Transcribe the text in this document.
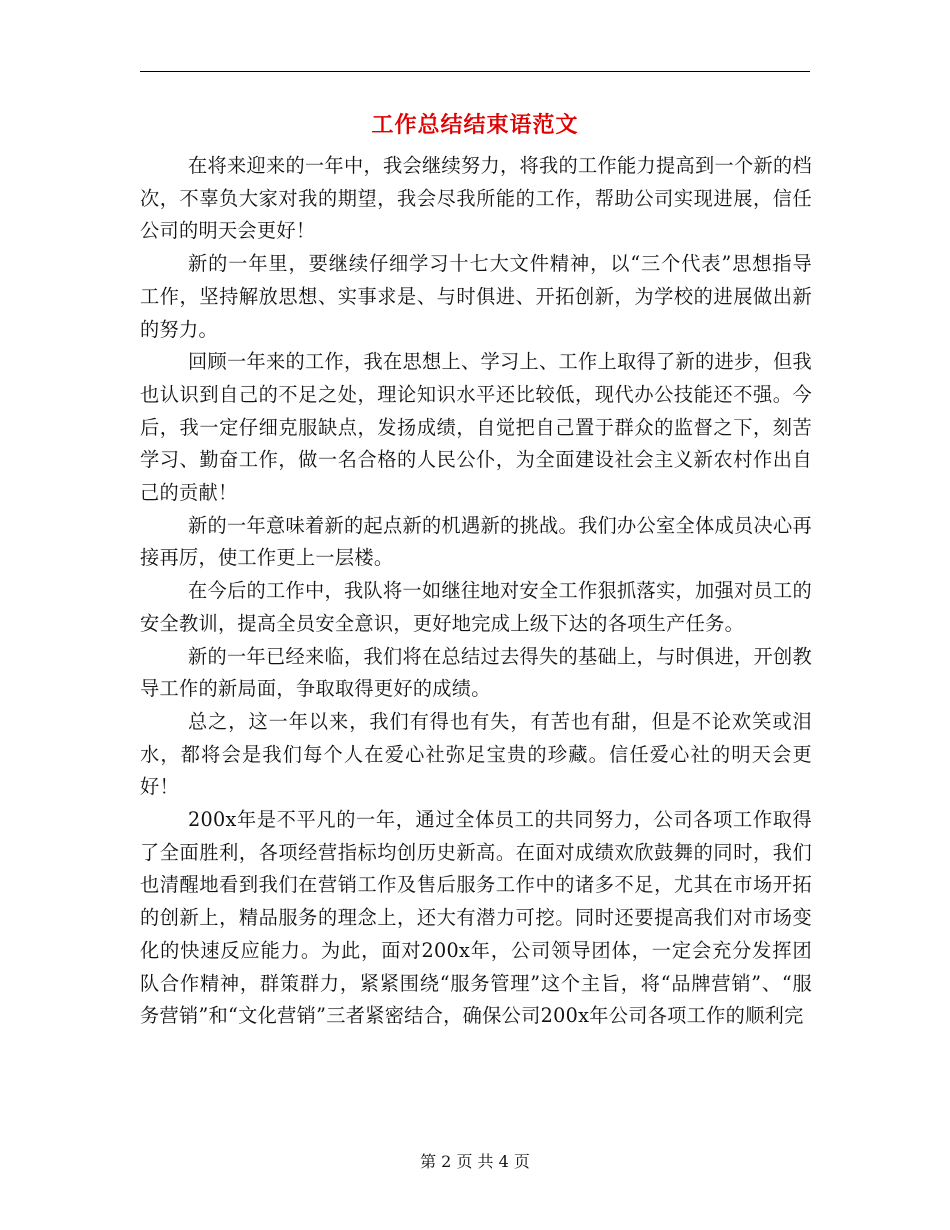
工作总结结束语范文

在将来迎来的一年中，我会继续努力，将我的工作能力提高到一个新的档次，不辜负大家对我的期望，我会尽我所能的工作，帮助公司实现进展，信任公司的明天会更好！

新的一年里，要继续仔细学习十七大文件精神，以“三个代表”思想指导工作，坚持解放思想、实事求是、与时俱进、开拓创新，为学校的进展做出新的努力。

回顾一年来的工作，我在思想上、学习上、工作上取得了新的进步，但我也认识到自己的不足之处，理论知识水平还比较低，现代办公技能还不强。今后，我一定仔细克服缺点，发扬成绩，自觉把自己置于群众的监督之下，刻苦学习、勤奋工作，做一名合格的人民公仆，为全面建设社会主义新农村作出自己的贡献！

新的一年意味着新的起点新的机遇新的挑战。我们办公室全体成员决心再接再厉，使工作更上一层楼。

在今后的工作中，我队将一如继往地对安全工作狠抓落实，加强对员工的安全教训，提高全员安全意识，更好地完成上级下达的各项生产任务。

新的一年已经来临，我们将在总结过去得失的基础上，与时俱进，开创教导工作的新局面，争取取得更好的成绩。

总之，这一年以来，我们有得也有失，有苦也有甜，但是不论欢笑或泪水，都将会是我们每个人在爱心社弥足宝贵的珍藏。信任爱心社的明天会更好！

200x年是不平凡的一年，通过全体员工的共同努力，公司各项工作取得了全面胜利，各项经营指标均创历史新高。在面对成绩欢欣鼓舞的同时，我们也清醒地看到我们在营销工作及售后服务工作中的诸多不足，尤其在市场开拓的创新上，精品服务的理念上，还大有潜力可挖。同时还要提高我们对市场变化的快速反应能力。为此，面对200x年，公司领导团体，一定会充分发挥团队合作精神，群策群力，紧紧围绕“服务管理”这个主旨，将“品牌营销”、“服务营销”和“文化营销”三者紧密结合，确保公司200x年公司各项工作的顺利完

第 2 页 共 4 页
